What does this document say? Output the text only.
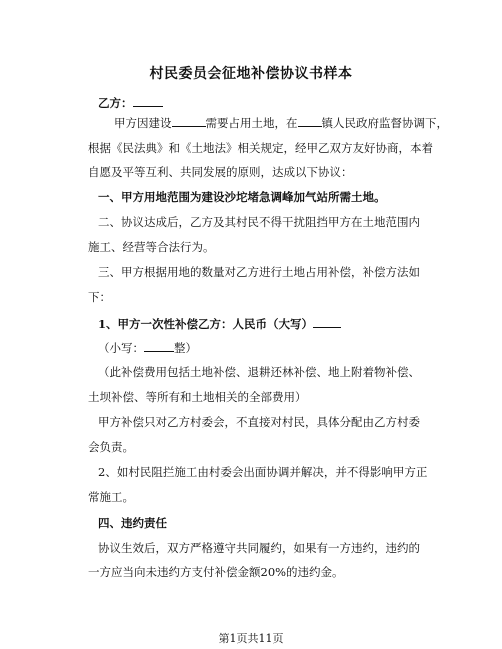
村民委员会征地补偿协议书样本
乙方：
甲方因建设	需要占用土地，在 镇人民政府监督协调下，
根据《民法典》和《土地法》相关规定，经甲乙双方友好协商，本着
自愿及平等互利、共同发展的原则，达成以下协议：
一、甲方用地范围为建设沙坨堵急调峰加气站所需土地。
二、协议达成后，乙方及其村民不得干扰阻挡甲方在土地范围内
施工、经营等合法行为。
三、甲方根据用地的数量对乙方进行土地占用补偿，补偿方法如
下：
1、甲方一次性补偿乙方：人民币（大写）
（小写：	整）
（此补偿费用包括土地补偿、退耕还林补偿、地上附着物补偿、
土坝补偿、等所有和土地相关的全部费用）
甲方补偿只对乙方村委会，不直接对村民，具体分配由乙方村委
会负责。
2、如村民阻拦施工由村委会出面协调并解决，并不得影响甲方正
常施工。
四、违约责任
协议生效后，双方严格遵守共同履约，如果有一方违约，违约的
一方应当向未违约方支付补偿金额20%的违约金。
第1页共11页
